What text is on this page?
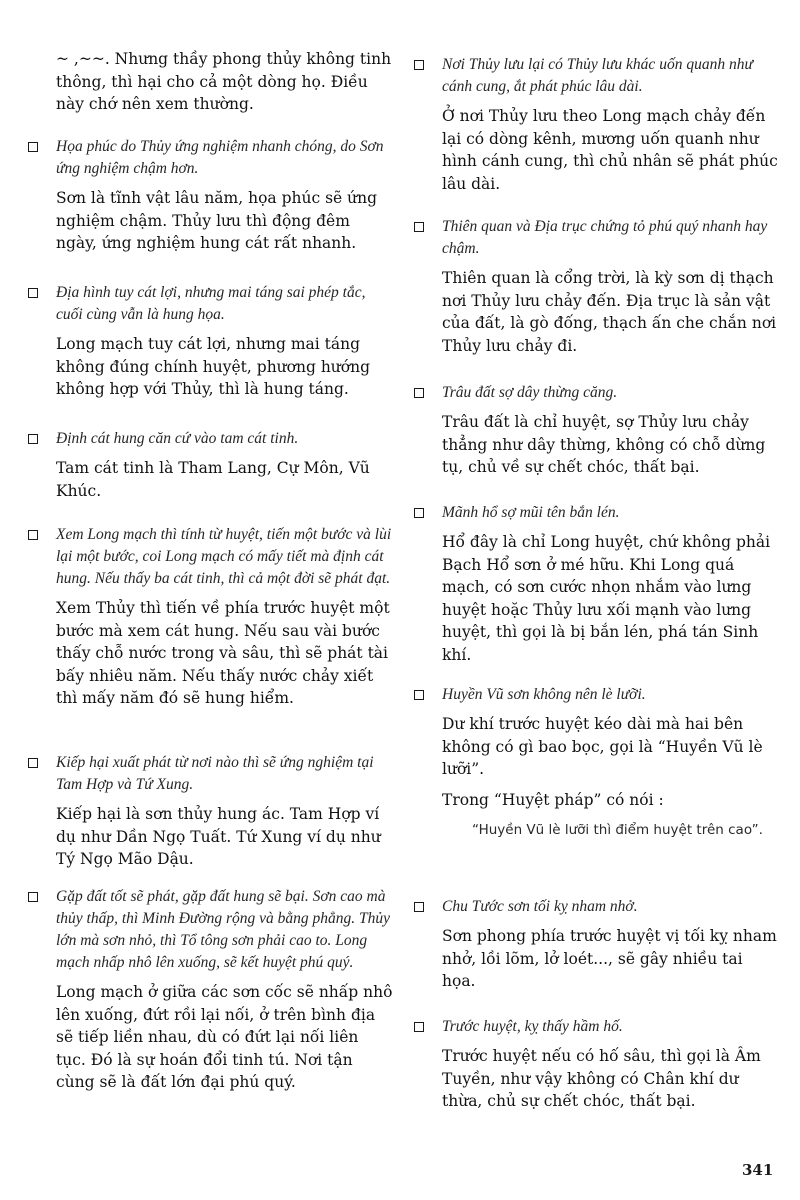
~ ,~~. Nhưng thầy phong thủy không tinh thông, thì hại cho cả một dòng họ. Điều này chớ nên xem thường.
Họa phúc do Thủy ứng nghiệm nhanh chóng, do Sơn ứng nghiệm chậm hơn.

Sơn là tĩnh vật lâu năm, họa phúc sẽ ứng nghiệm chậm. Thủy lưu thì động đêm ngày, ứng nghiệm hung cát rất nhanh.

Địa hình tuy cát lợi, nhưng mai táng sai phép tắc, cuối cùng vẫn là hung họa.

Long mạch tuy cát lợi, nhưng mai táng không đúng chính huyệt, phương hướng không hợp với Thủy, thì là hung táng.

Định cát hung căn cứ vào tam cát tinh.

Tam cát tinh là Tham Lang, Cự Môn, Vũ Khúc.

Xem Long mạch thì tính từ huyệt, tiến một bước và lùi lại một bước, coi Long mạch có mấy tiết mà định cát hung. Nếu thấy ba cát tinh, thì cả một đời sẽ phát đạt.

Xem Thủy thì tiến về phía trước huyệt một bước mà xem cát hung. Nếu sau vài bước thấy chỗ nước trong và sâu, thì sẽ phát tài bấy nhiêu năm. Nếu thấy nước chảy xiết thì mấy năm đó sẽ hung hiểm.

Kiếp hại xuất phát từ nơi nào thì sẽ ứng nghiệm tại Tam Hợp và Tứ Xung.

Kiếp hại là sơn thủy hung ác. Tam Hợp ví dụ như Dần Ngọ Tuất. Tứ Xung ví dụ như Tý Ngọ Mão Dậu.

Gặp đất tốt sẽ phát, gặp đất hung sẽ bại. Sơn cao mà thủy thấp, thì Minh Đường rộng và bằng phẳng. Thủy lớn mà sơn nhỏ, thì Tổ tông sơn phải cao to. Long mạch nhấp nhô lên xuống, sẽ kết huyệt phú quý.

Long mạch ở giữa các sơn cốc sẽ nhấp nhô lên xuống, đứt rồi lại nối, ở trên bình địa sẽ tiếp liền nhau, dù có đứt lại nối liên tục. Đó là sự hoán đổi tinh tú. Nơi tận cùng sẽ là đất lớn đại phú quý.

Nơi Thủy lưu lại có Thủy lưu khác uốn quanh như cánh cung, ắt phát phúc lâu dài.

Ở nơi Thủy lưu theo Long mạch chảy đến lại có dòng kênh, mương uốn quanh như hình cánh cung, thì chủ nhân sẽ phát phúc lâu dài.

Thiên quan và Địa trục chứng tỏ phú quý nhanh hay chậm.

Thiên quan là cổng trời, là kỳ sơn dị thạch nơi Thủy lưu chảy đến. Địa trục là sản vật của đất, là gò đống, thạch ấn che chắn nơi Thủy lưu chảy đi.

Trâu đất sợ dây thừng căng.

Trâu đất là chỉ huyệt, sợ Thủy lưu chảy thẳng như dây thừng, không có chỗ dừng tụ, chủ về sự chết chóc, thất bại.

Mãnh hổ sợ mũi tên bắn lén.

Hổ đây là chỉ Long huyệt, chứ không phải Bạch Hổ sơn ở mé hữu. Khi Long quá mạch, có sơn cước nhọn nhắm vào lưng huyệt hoặc Thủy lưu xối mạnh vào lưng huyệt, thì gọi là bị bắn lén, phá tán Sinh khí.

Huyền Vũ sơn không nên lè lưỡi.

Dư khí trước huyệt kéo dài mà hai bên không có gì bao bọc, gọi là “Huyền Vũ lè lưỡi”.

Trong “Huyệt pháp” có nói :

“Huyền Vũ lè lưỡi thì điểm huyệt trên cao”.
Chu Tước sơn tối kỵ nham nhở.

Sơn phong phía trước huyệt vị tối kỵ nham nhở, lồi lõm, lở loét..., sẽ gây nhiều tai họa.

Trước huyệt, kỵ thấy hầm hố.

Trước huyệt nếu có hố sâu, thì gọi là Âm Tuyền, như vậy không có Chân khí dư thừa, chủ sự chết chóc, thất bại.

341
